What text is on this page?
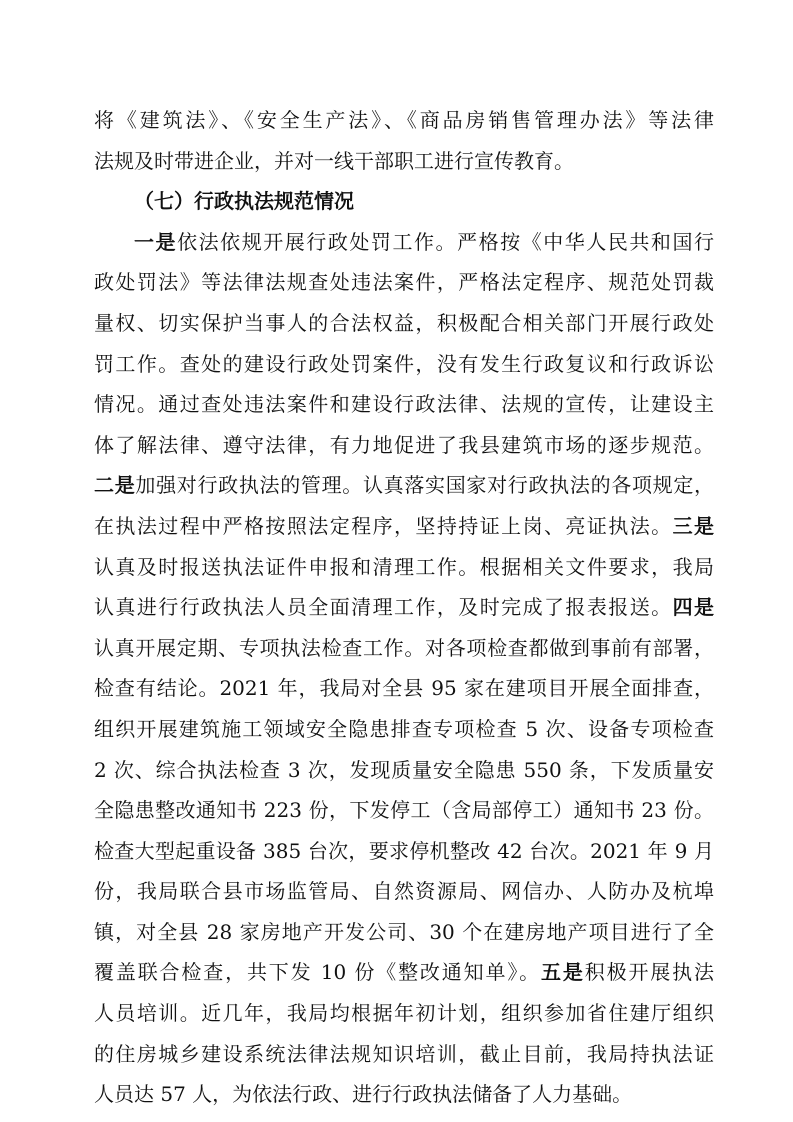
将《建筑法》、《安全生产法》、《商品房销售管理办法》等法律
法规及时带进企业，并对一线干部职工进行宣传教育。
（七）行政执法规范情况
一是依法依规开展行政处罚工作。严格按《中华人民共和国行
政处罚法》等法律法规查处违法案件，严格法定程序、规范处罚裁
量权、切实保护当事人的合法权益，积极配合相关部门开展行政处
罚工作。查处的建设行政处罚案件，没有发生行政复议和行政诉讼
情况。通过查处违法案件和建设行政法律、法规的宣传，让建设主
体了解法律、遵守法律，有力地促进了我县建筑市场的逐步规范。
二是加强对行政执法的管理。认真落实国家对行政执法的各项规定，
在执法过程中严格按照法定程序，坚持持证上岗、亮证执法。三是
认真及时报送执法证件申报和清理工作。根据相关文件要求，我局
认真进行行政执法人员全面清理工作，及时完成了报表报送。四是
认真开展定期、专项执法检查工作。对各项检查都做到事前有部署，
检查有结论。2021 年，我局对全县 95 家在建项目开展全面排查，
组织开展建筑施工领域安全隐患排查专项检查 5 次、设备专项检查
2 次、综合执法检查 3 次，发现质量安全隐患 550 条，下发质量安
全隐患整改通知书 223 份，下发停工（含局部停工）通知书 23 份。
检查大型起重设备 385 台次，要求停机整改 42 台次。2021 年 9 月
份，我局联合县市场监管局、自然资源局、网信办、人防办及杭埠
镇，对全县 28 家房地产开发公司、30 个在建房地产项目进行了全
覆盖联合检查，共下发 10 份《整改通知单》。五是积极开展执法
人员培训。近几年，我局均根据年初计划，组织参加省住建厅组织
的住房城乡建设系统法律法规知识培训，截止目前，我局持执法证
人员达 57 人，为依法行政、进行行政执法储备了人力基础。
